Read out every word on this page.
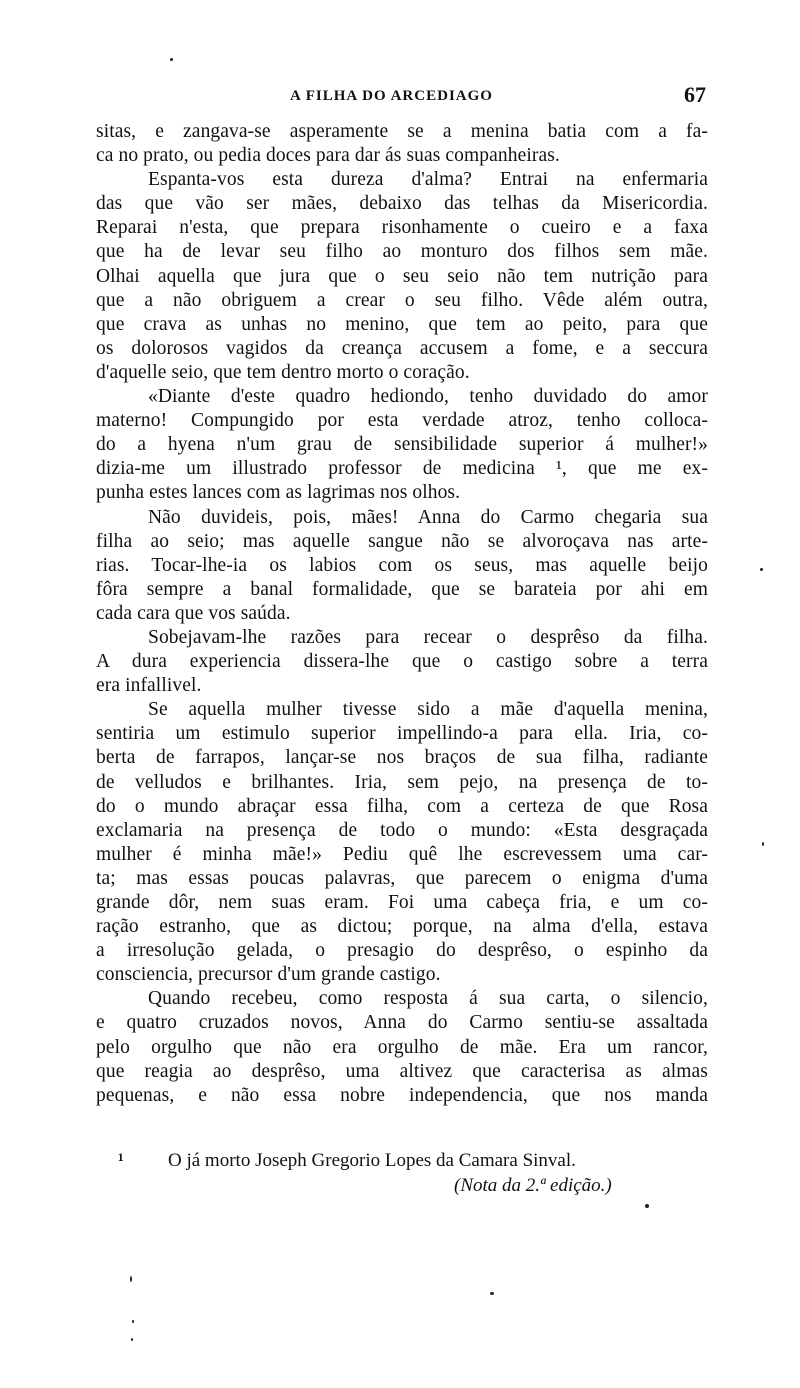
A FILHA DO ARCEDIAGO	67
sitas, e zangava-se asperamente se a menina batia com a fa-
ca no prato, ou pedia doces para dar ás suas companheiras.
Espanta-vos esta dureza d'alma? Entrai na enfermaria
das que vão ser mães, debaixo das telhas da Misericordia.
Reparai n'esta, que prepara risonhamente o cueiro e a faxa
que ha de levar seu filho ao monturo dos filhos sem mãe.
Olhai aquella que jura que o seu seio não tem nutrição para
que a não obriguem a crear o seu filho. Vêde além outra,
que crava as unhas no menino, que tem ao peito, para que
os dolorosos vagidos da creança accusem a fome, e a seccura
d'aquelle seio, que tem dentro morto o coração.
«Diante d'este quadro hediondo, tenho duvidado do amor
materno! Compungido por esta verdade atroz, tenho colloca-
do a hyena n'um grau de sensibilidade superior á mulher!»
dizia-me um illustrado professor de medicina ¹, que me ex-
punha estes lances com as lagrimas nos olhos.
Não duvideis, pois, mães! Anna do Carmo chegaria sua
filha ao seio; mas aquelle sangue não se alvoroçava nas arte-
rias. Tocar-lhe-ia os labios com os seus, mas aquelle beijo
fôra sempre a banal formalidade, que se barateia por ahi em
cada cara que vos saúda.
Sobejavam-lhe razões para recear o desprêso da filha.
A dura experiencia dissera-lhe que o castigo sobre a terra
era infallivel.
Se aquella mulher tivesse sido a mãe d'aquella menina,
sentiria um estimulo superior impellindo-a para ella. Iria, co-
berta de farrapos, lançar-se nos braços de sua filha, radiante
de velludos e brilhantes. Iria, sem pejo, na presença de to-
do o mundo abraçar essa filha, com a certeza de que Rosa
exclamaria na presença de todo o mundo: «Esta desgraçada
mulher é minha mãe!» Pediu quê lhe escrevessem uma car-
ta; mas essas poucas palavras, que parecem o enigma d'uma
grande dôr, nem suas eram. Foi uma cabeça fria, e um co-
ração estranho, que as dictou; porque, na alma d'ella, estava
a irresolução gelada, o presagio do desprêso, o espinho da
consciencia, precursor d'um grande castigo.
Quando recebeu, como resposta á sua carta, o silencio,
e quatro cruzados novos, Anna do Carmo sentiu-se assaltada
pelo orgulho que não era orgulho de mãe. Era um rancor,
que reagia ao desprêso, uma altivez que caracterisa as almas
pequenas, e não essa nobre independencia, que nos manda
¹ O já morto Joseph Gregorio Lopes da Camara Sinval.
(Nota da 2.ª edição.)
